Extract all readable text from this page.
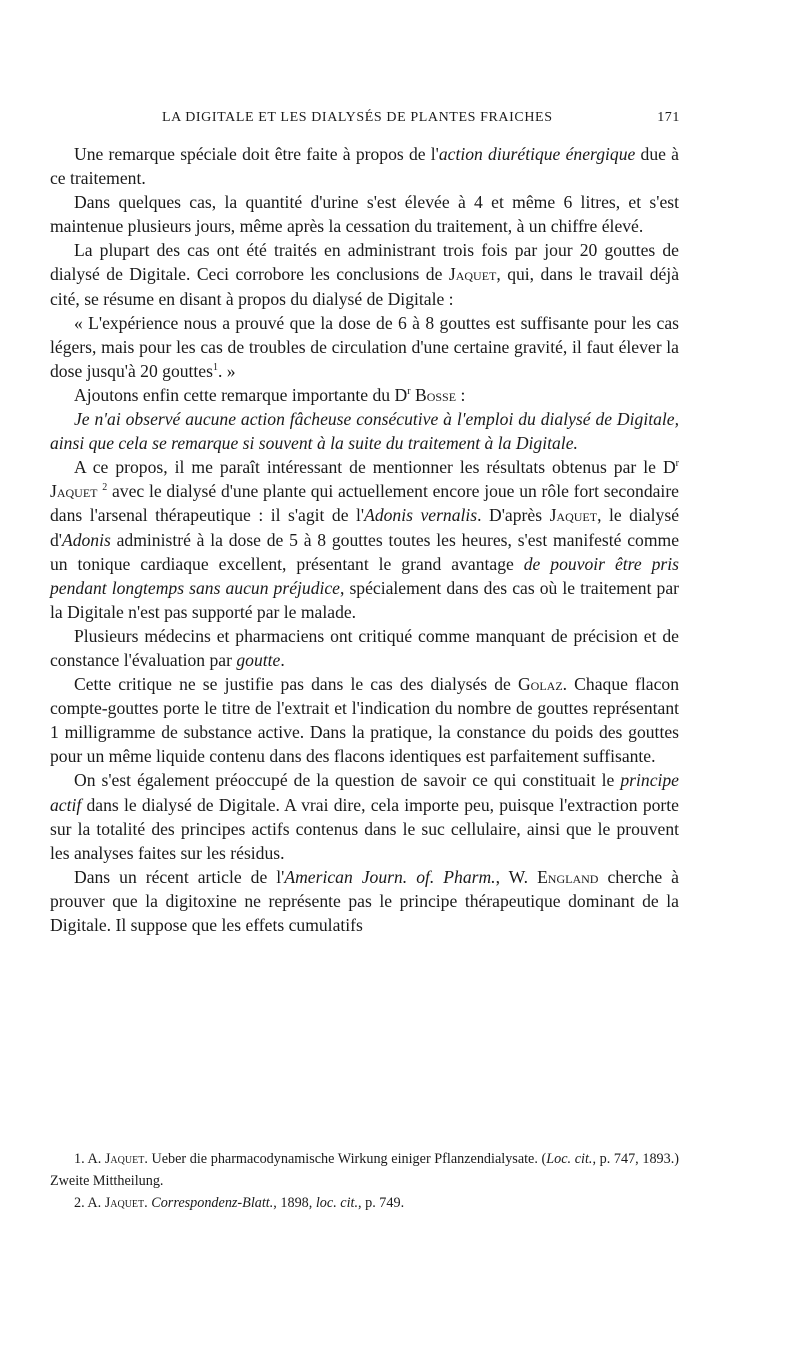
LA DIGITALE ET LES DIALYSÉS DE PLANTES FRAICHES	171

Une remarque spéciale doit être faite à propos de l'action diurétique énergique due à ce traitement.

Dans quelques cas, la quantité d'urine s'est élevée à 4 et même 6 litres, et s'est maintenue plusieurs jours, même après la cessation du traitement, à un chiffre élevé.

La plupart des cas ont été traités en administrant trois fois par jour 20 gouttes de dialysé de Digitale. Ceci corrobore les conclusions de Jaquet, qui, dans le travail déjà cité, se résume en disant à propos du dialysé de Digitale :

« L'expérience nous a prouvé que la dose de 6 à 8 gouttes est suffisante pour les cas légers, mais pour les cas de troubles de circulation d'une certaine gravité, il faut élever la dose jusqu'à 20 gouttes$^1$. »

Ajoutons enfin cette remarque importante du $D^r$ Bosse :

Je n'ai observé aucune action fâcheuse consécutive à l'emploi du dialysé de Digitale, ainsi que cela se remarque si souvent à la suite du traitement à la Digitale.

A ce propos, il me paraît intéressant de mentionner les résultats obtenus par le $D^r$ Jaquet $^2$ avec le dialysé d'une plante qui actuellement encore joue un rôle fort secondaire dans l'arsenal thérapeutique : il s'agit de l'Adonis vernalis. D'après Jaquet, le dialysé d'Adonis administré à la dose de 5 à 8 gouttes toutes les heures, s'est manifesté comme un tonique cardiaque excellent, présentant le grand avantage de pouvoir être pris pendant longtemps sans aucun préjudice, spécialement dans des cas où le traitement par la Digitale n'est pas supporté par le malade.

Plusieurs médecins et pharmaciens ont critiqué comme manquant de précision et de constance l'évaluation par goutte.

Cette critique ne se justifie pas dans le cas des dialysés de Golaz. Chaque flacon compte-gouttes porte le titre de l'extrait et l'indication du nombre de gouttes représentant 1 milligramme de substance active. Dans la pratique, la constance du poids des gouttes pour un même liquide contenu dans des flacons identiques est parfaitement suffisante.

On s'est également préoccupé de la question de savoir ce qui constituait le principe actif dans le dialysé de Digitale. A vrai dire, cela importe peu, puisque l'extraction porte sur la totalité des principes actifs contenus dans le suc cellulaire, ainsi que le prouvent les analyses faites sur les résidus.

Dans un récent article de l'American Journ. of. Pharm., W. England cherche à prouver que la digitoxine ne représente pas le principe thérapeutique dominant de la Digitale. Il suppose que les effets cumulatifs

1. A. Jaquet. Ueber die pharmacodynamische Wirkung einiger Pflanzendialysate. (Loc. cit., p. 747, 1893.) Zweite Mittheilung.

2. A. Jaquet. Correspondenz-Blatt., 1898, loc. cit., p. 749.
